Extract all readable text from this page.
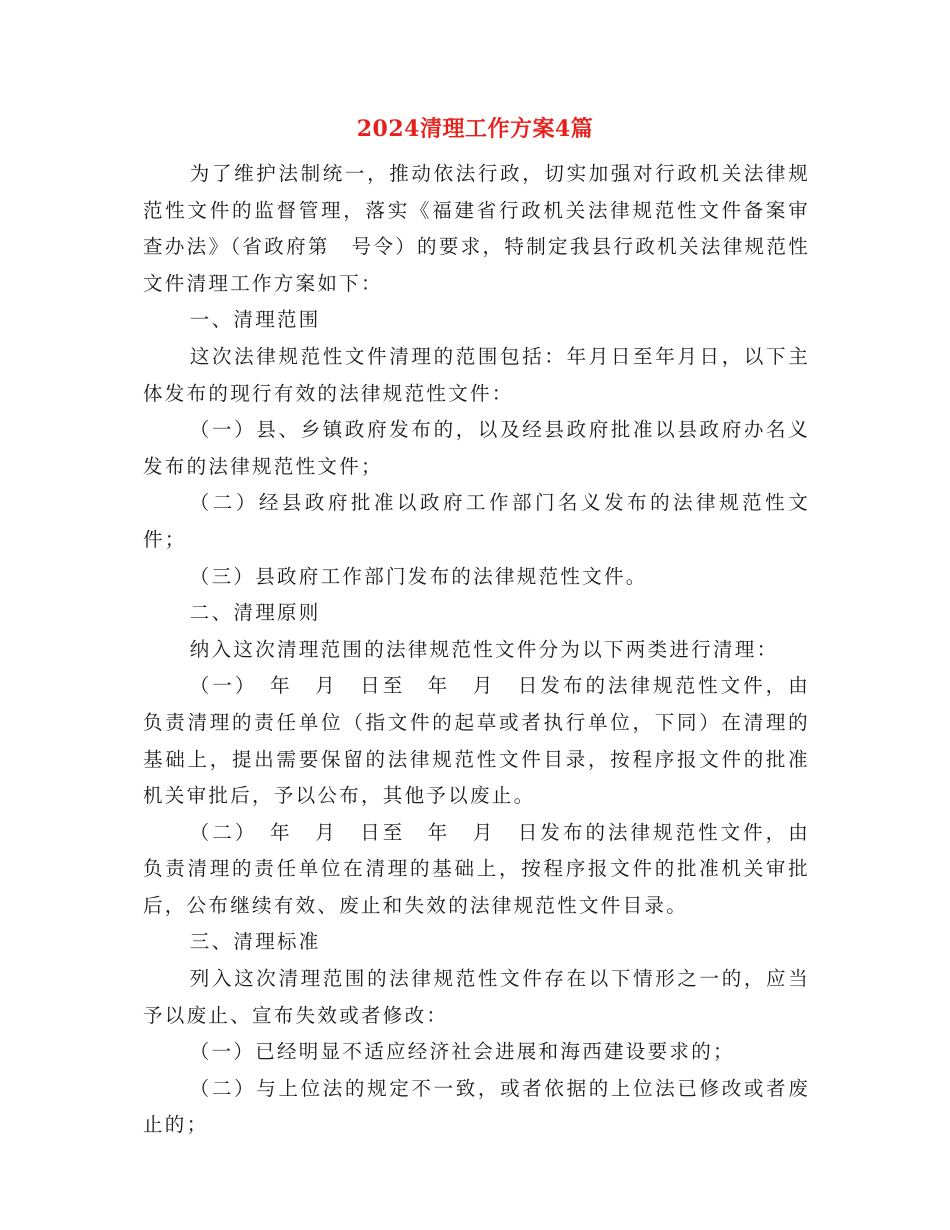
2024清理工作方案4篇

为了维护法制统一，推动依法行政，切实加强对行政机关法律规范性文件的监督管理，落实《福建省行政机关法律规范性文件备案审查办法》（省政府第　号令）的要求，特制定我县行政机关法律规范性文件清理工作方案如下：

一、清理范围

这次法律规范性文件清理的范围包括：年月日至年月日，以下主体发布的现行有效的法律规范性文件：

（一）县、乡镇政府发布的，以及经县政府批准以县政府办名义发布的法律规范性文件；

（二）经县政府批准以政府工作部门名义发布的法律规范性文件；

（三）县政府工作部门发布的法律规范性文件。

二、清理原则

纳入这次清理范围的法律规范性文件分为以下两类进行清理：

（一）　年　月　日至　年　月　日发布的法律规范性文件，由负责清理的责任单位（指文件的起草或者执行单位，下同）在清理的基础上，提出需要保留的法律规范性文件目录，按程序报文件的批准机关审批后，予以公布，其他予以废止。

（二）　年　月　日至　年　月　日发布的法律规范性文件，由负责清理的责任单位在清理的基础上，按程序报文件的批准机关审批后，公布继续有效、废止和失效的法律规范性文件目录。

三、清理标准

列入这次清理范围的法律规范性文件存在以下情形之一的，应当予以废止、宣布失效或者修改：

（一）已经明显不适应经济社会进展和海西建设要求的；

（二）与上位法的规定不一致，或者依据的上位法已修改或者废止的；
